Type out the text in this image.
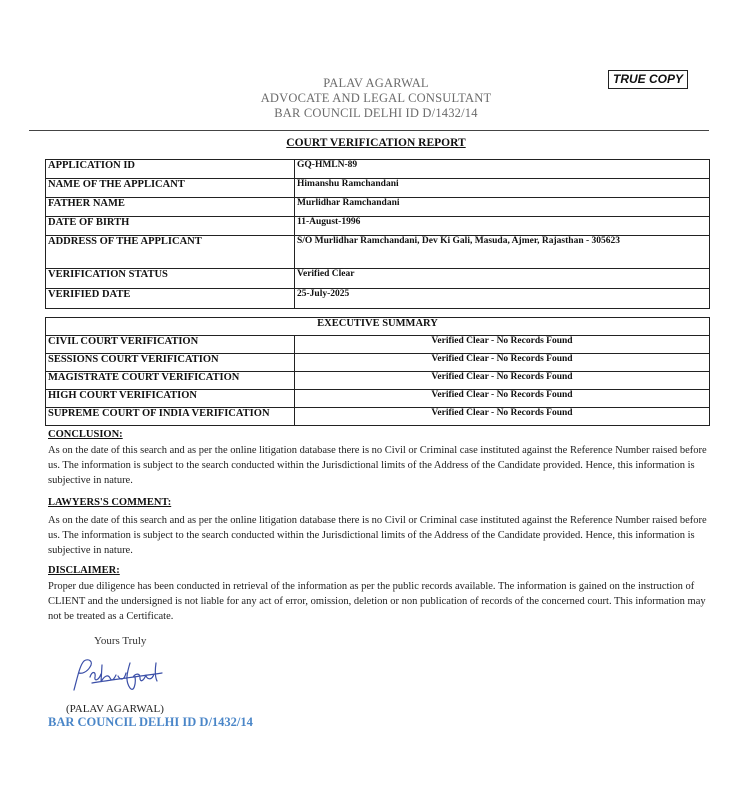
PALAV AGARWAL
ADVOCATE AND LEGAL CONSULTANT
BAR COUNCIL DELHI ID D/1432/14
TRUE COPY
COURT VERIFICATION REPORT
APPLICATION ID	GQ-HMLN-89
NAME OF THE APPLICANT	Himanshu Ramchandani
FATHER NAME	Murlidhar Ramchandani
DATE OF BIRTH	11-August-1996
ADDRESS OF THE APPLICANT	S/O Murlidhar Ramchandani, Dev Ki Gali, Masuda, Ajmer, Rajasthan - 305623
VERIFICATION STATUS	Verified Clear
VERIFIED DATE	25-July-2025
EXECUTIVE SUMMARY	
CIVIL COURT VERIFICATION	Verified Clear - No Records Found
SESSIONS COURT VERIFICATION	Verified Clear - No Records Found
MAGISTRATE COURT VERIFICATION	Verified Clear - No Records Found
HIGH COURT VERIFICATION	Verified Clear - No Records Found
SUPREME COURT OF INDIA VERIFICATION	Verified Clear - No Records Found
CONCLUSION:
As on the date of this search and as per the online litigation database there is no Civil or Criminal case instituted against the Reference Number raised before us. The information is subject to the search conducted within the Jurisdictional limits of the Address of the Candidate provided. Hence, this information is subjective in nature.
LAWYERS'S COMMENT:
As on the date of this search and as per the online litigation database there is no Civil or Criminal case instituted against the Reference Number raised before us. The information is subject to the search conducted within the Jurisdictional limits of the Address of the Candidate provided. Hence, this information is subjective in nature.
DISCLAIMER:
Proper due diligence has been conducted in retrieval of the information as per the public records available. The information is gained on the instruction of CLIENT and the undersigned is not liable for any act of error, omission, deletion or non publication of records of the concerned court. This information may not be treated as a Certificate.
Yours Truly
(PALAV AGARWAL)
BAR COUNCIL DELHI ID D/1432/14
